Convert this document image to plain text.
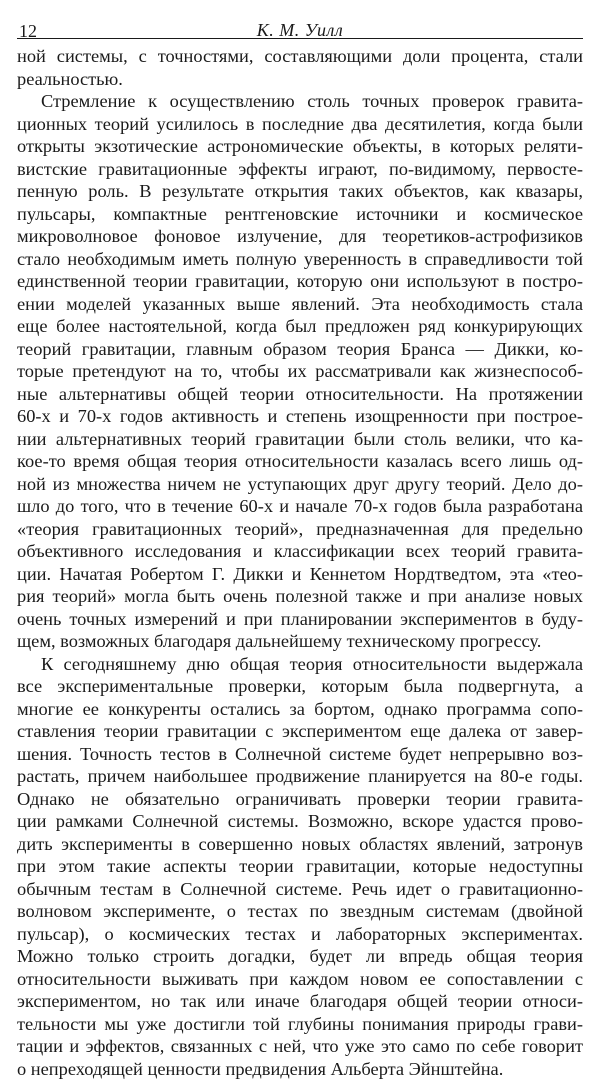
12	К. М. Уилл

ной системы, с точностями, составляющими доли процента, стали
реальностью.

Стремление к осуществлению столь точных проверок гравита-
ционных теорий усилилось в последние два десятилетия, когда были
открыты экзотические астрономические объекты, в которых реляти-
вистские гравитационные эффекты играют, по-видимому, первосте-
пенную роль. В результате открытия таких объектов, как квазары,
пульсары, компактные рентгеновские источники и космическое
микроволновое фоновое излучение, для теоретиков-астрофизиков
стало необходимым иметь полную уверенность в справедливости той
единственной теории гравитации, которую они используют в постро-
ении моделей указанных выше явлений. Эта необходимость стала
еще более настоятельной, когда был предложен ряд конкурирующих
теорий гравитации, главным образом теория Бранса — Дикки, ко-
торые претендуют на то, чтобы их рассматривали как жизнеспособ-
ные альтернативы общей теории относительности. На протяжении
60-х и 70-х годов активность и степень изощренности при построе-
нии альтернативных теорий гравитации были столь велики, что ка-
кое-то время общая теория относительности казалась всего лишь од-
ной из множества ничем не уступающих друг другу теорий. Дело до-
шло до того, что в течение 60-х и начале 70-х годов была разработана
«теория гравитационных теорий», предназначенная для предельно
объективного исследования и классификации всех теорий гравита-
ции. Начатая Робертом Г. Дикки и Кеннетом Нордтведтом, эта «тео-
рия теорий» могла быть очень полезной также и при анализе новых
очень точных измерений и при планировании экспериментов в буду-
щем, возможных благодаря дальнейшему техническому прогрессу.

К сегодняшнему дню общая теория относительности выдержала
все экспериментальные проверки, которым была подвергнута, а
многие ее конкуренты остались за бортом, однако программа сопо-
ставления теории гравитации с экспериментом еще далека от завер-
шения. Точность тестов в Солнечной системе будет непрерывно воз-
растать, причем наибольшее продвижение планируется на 80-е годы.
Однако не обязательно ограничивать проверки теории гравита-
ции рамками Солнечной системы. Возможно, вскоре удастся прово-
дить эксперименты в совершенно новых областях явлений, затронув
при этом такие аспекты теории гравитации, которые недоступны
обычным тестам в Солнечной системе. Речь идет о гравитационно-
волновом эксперименте, о тестах по звездным системам (двойной
пульсар), о космических тестах и лабораторных экспериментах.
Можно только строить догадки, будет ли впредь общая теория
относительности выживать при каждом новом ее сопоставлении с
экспериментом, но так или иначе благодаря общей теории относи-
тельности мы уже достигли той глубины понимания природы грави-
тации и эффектов, связанных с ней, что уже это само по себе говорит
о непреходящей ценности предвидения Альберта Эйнштейна.
